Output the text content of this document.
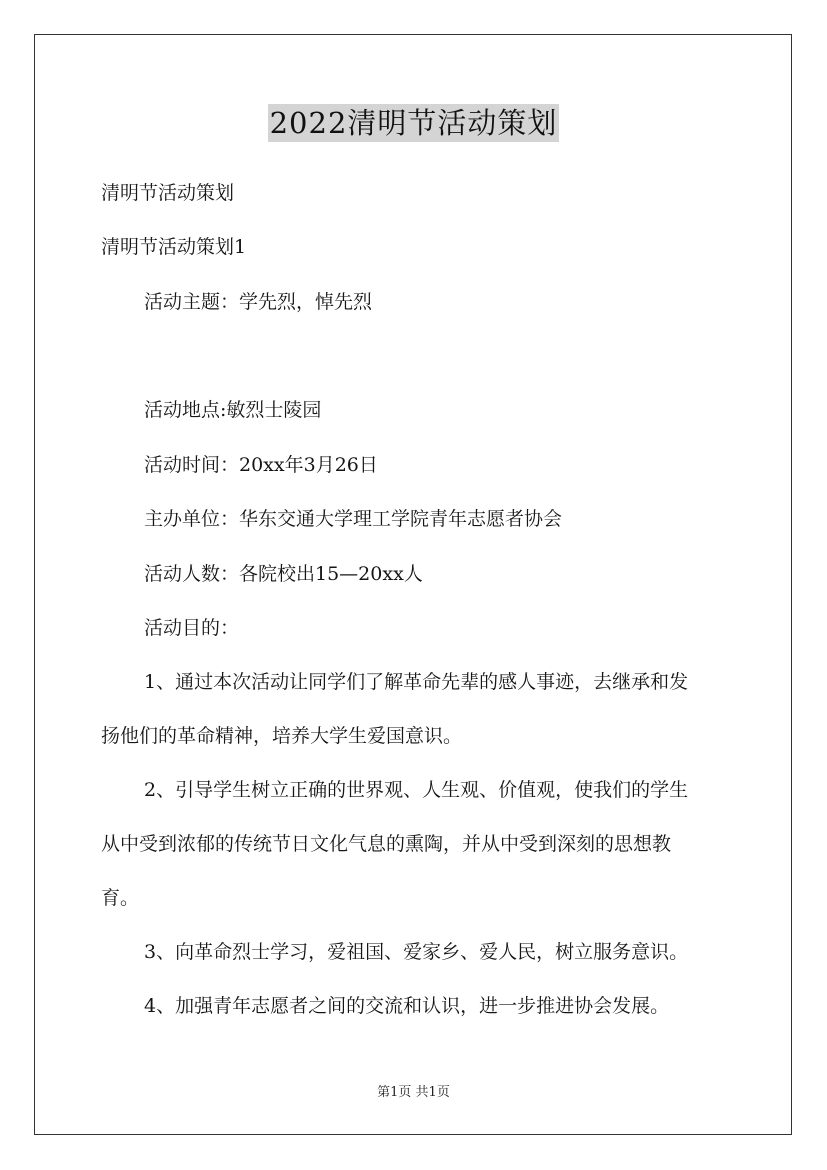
2022清明节活动策划
清明节活动策划
清明节活动策划1
活动主题：学先烈，悼先烈
活动地点:敏烈士陵园
活动时间：20xx年3月26日
主办单位：华东交通大学理工学院青年志愿者协会
活动人数：各院校出15—20xx人
活动目的：
1、通过本次活动让同学们了解革命先辈的感人事迹，去继承和发
扬他们的革命精神，培养大学生爱国意识。
2、引导学生树立正确的世界观、人生观、价值观，使我们的学生
从中受到浓郁的传统节日文化气息的熏陶，并从中受到深刻的思想教
育。
3、向革命烈士学习，爱祖国、爱家乡、爱人民，树立服务意识。
4、加强青年志愿者之间的交流和认识，进一步推进协会发展。
第1页 共1页
